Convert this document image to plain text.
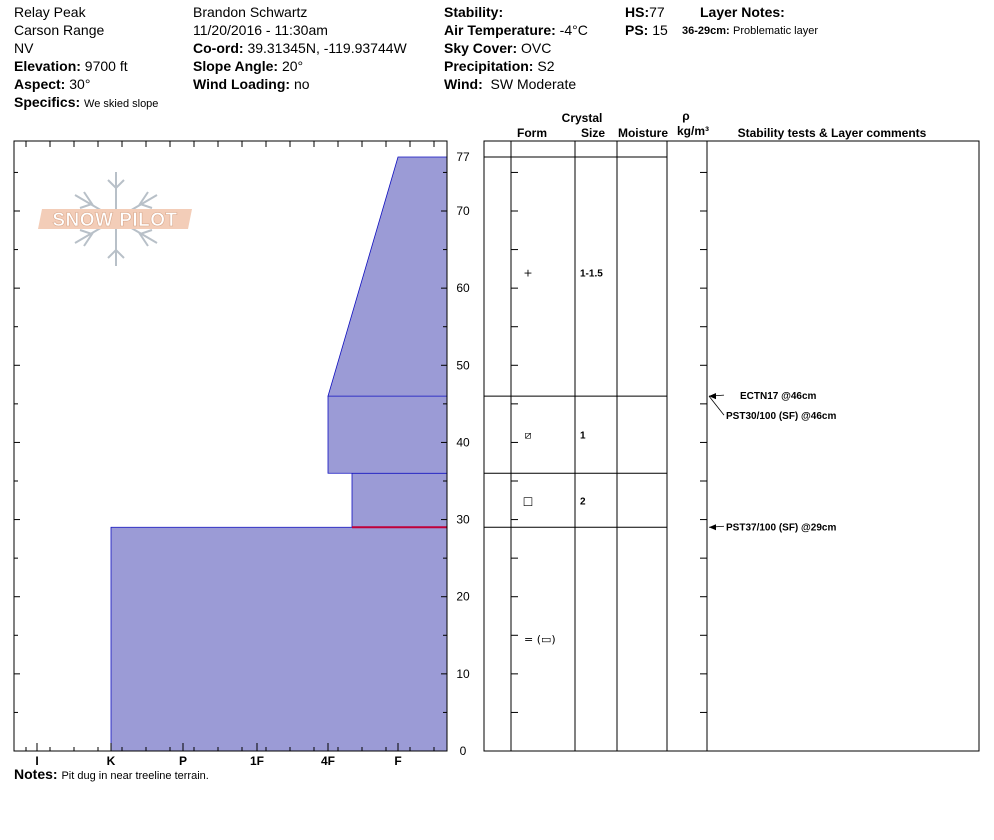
Relay Peak
Carson Range
NV
Elevation: 9700 ft
Aspect: 30°
Specifics: We skied slope
Brandon Schwartz
11/20/2016 - 11:30am
Co-ord: 39.31345N, -119.93744W
Slope Angle: 20°
Wind Loading: no
Stability:
Air Temperature: -4°C
Sky Cover: OVC
Precipitation: S2
Wind: SW Moderate
HS:77
PS: 15
Layer Notes:
36-29cm: Problematic layer
SNOW PILOT
0
10
20
30
40
50
60
70
77
I	K	P	1F	4F	F
+	1-1.5
⧄	1
□	2
= (▭)
ECTN17 @46cm
PST30/100 (SF) @46cm
PST37/100 (SF) @29cm
Crystal
Form	Size Moisture
ρ
kg/m³ Stability tests & Layer comments
Notes: Pit dug in near treeline terrain.
